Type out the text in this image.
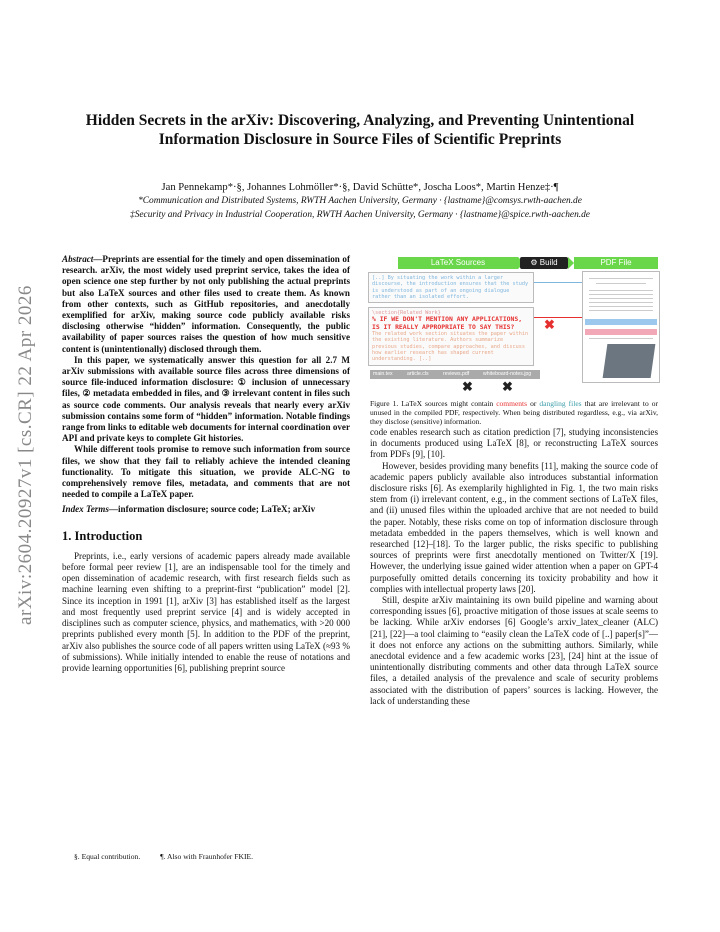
arXiv:2604.20927v1 [cs.CR] 22 Apr 2026
Hidden Secrets in the arXiv: Discovering, Analyzing, and Preventing Unintentional Information Disclosure in Source Files of Scientific Preprints
Jan Pennekamp*·§, Johannes Lohmöller*·§, David Schütte*, Joscha Loos*, Martin Henze‡·¶
*Communication and Distributed Systems, RWTH Aachen University, Germany · {lastname}@comsys.rwth-aachen.de
‡Security and Privacy in Industrial Cooperation, RWTH Aachen University, Germany · {lastname}@spice.rwth-aachen.de

Abstract—Preprints are essential for the timely and open dissemination of research. arXiv, the most widely used preprint service, takes the idea of open science one step further by not only publishing the actual preprints but also LaTeX sources and other files used to create them. As known from other contexts, such as GitHub repositories, and anecdotally exemplified for arXiv, making source code publicly available risks disclosing otherwise “hidden” information. Consequently, the public availability of paper sources raises the question of how much sensitive content is (unintentionally) disclosed through them.

In this paper, we systematically answer this question for all 2.7 M arXiv submissions with available source files across three dimensions of source file-induced information disclosure: ① inclusion of unnecessary files, ② metadata embedded in files, and ③ irrelevant content in files such as source code comments. Our analysis reveals that nearly every arXiv submission contains some form of “hidden” information. Notable findings range from links to editable web documents for internal coordination over API and private keys to complete Git histories.

While different tools promise to remove such information from source files, we show that they fail to reliably achieve the intended cleaning functionality. To mitigate this situation, we provide ALC-NG to comprehensively remove files, metadata, and comments that are not needed to compile a LaTeX paper.

Index Terms—information disclosure; source code; LaTeX; arXiv

1. Introduction

Preprints, i.e., early versions of academic papers already made available before formal peer review [1], are an indispensable tool for the timely and open dissemination of academic research, with first research fields such as machine learning even shifting to a preprint-first “publication” model [2]. Since its inception in 1991 [1], arXiv [3] has established itself as the largest and most frequently used preprint service [4] and is widely accepted in disciplines such as computer science, physics, and mathematics, with >20 000 preprints published every month [5]. In addition to the PDF of the preprint, arXiv also publishes the source code of all papers written using LaTeX (≈93 % of submissions). While initially intended to enable the reuse of notations and provide learning opportunities [6], publishing preprint source

§. Equal contribution.	¶. Also with Fraunhofer FKIE.
LaTeX Sources	⚙ Build	PDF File
[..] By situating the work within a larger discourse, the introduction ensures that the study is understood as part of an ongoing dialogue rather than an isolated effort.
\section{Related Work}
% IF WE DON'T MENTION ANY APPLICATIONS, IS IT REALLY APPROPRIATE TO SAY THIS?
The related work section situates the paper within the existing literature. Authors summarize previous studies, compare approaches, and discuss how earlier research has shaped current understanding. [..]
✖
main.tex	article.cls	reviews.pdf	whiteboard-notes.jpg
✖ ✖
Figure 1. LaTeX sources might contain comments or dangling files that are irrelevant to or unused in the compiled PDF, respectively. When being distributed regardless, e.g., via arXiv, they disclose (sensitive) information.

code enables research such as citation prediction [7], studying inconsistencies in documents produced using LaTeX [8], or reconstructing LaTeX sources from PDFs [9], [10].

However, besides providing many benefits [11], making the source code of academic papers publicly available also introduces substantial information disclosure risks [6]. As exemplarily highlighted in Fig. 1, the two main risks stem from (i) irrelevant content, e.g., in the comment sections of LaTeX files, and (ii) unused files within the uploaded archive that are not needed to build the paper. Notably, these risks come on top of information disclosure through metadata embedded in the papers themselves, which is well known and researched [12]–[18]. To the larger public, the risks specific to publishing sources of preprints were first anecdotally mentioned on Twitter/X [19]. However, the underlying issue gained wider attention when a paper on GPT-4 purposefully omitted details concerning its toxicity probability and how it complies with intellectual property laws [20].

Still, despite arXiv maintaining its own build pipeline and warning about corresponding issues [6], proactive mitigation of those issues at scale seems to be lacking. While arXiv endorses [6] Google’s arxiv_latex_cleaner (ALC) [21], [22]—a tool claiming to “easily clean the LaTeX code of [..] paper[s]”—it does not enforce any actions on the submitting authors. Similarly, while anecdotal evidence and a few academic works [23], [24] hint at the issue of unintentionally distributing comments and other data through LaTeX source files, a detailed analysis of the prevalence and scale of security problems associated with the distribution of papers’ sources is lacking. However, the lack of understanding these
